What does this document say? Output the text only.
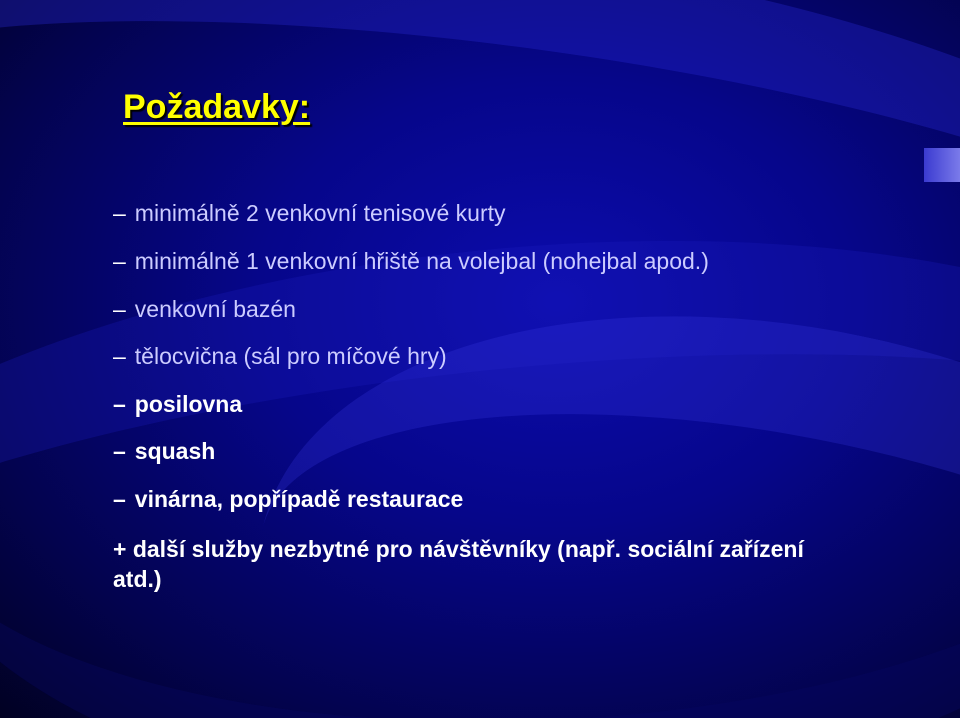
Požadavky:
– minimálně 2 venkovní tenisové kurty
– minimálně 1 venkovní hřiště na volejbal (nohejbal apod.)
– venkovní bazén
– tělocvična (sál pro míčové hry)
– posilovna
– squash
– vinárna, popřípadě restaurace
+ další služby nezbytné pro návštěvníky (např. sociální zařízení atd.)
